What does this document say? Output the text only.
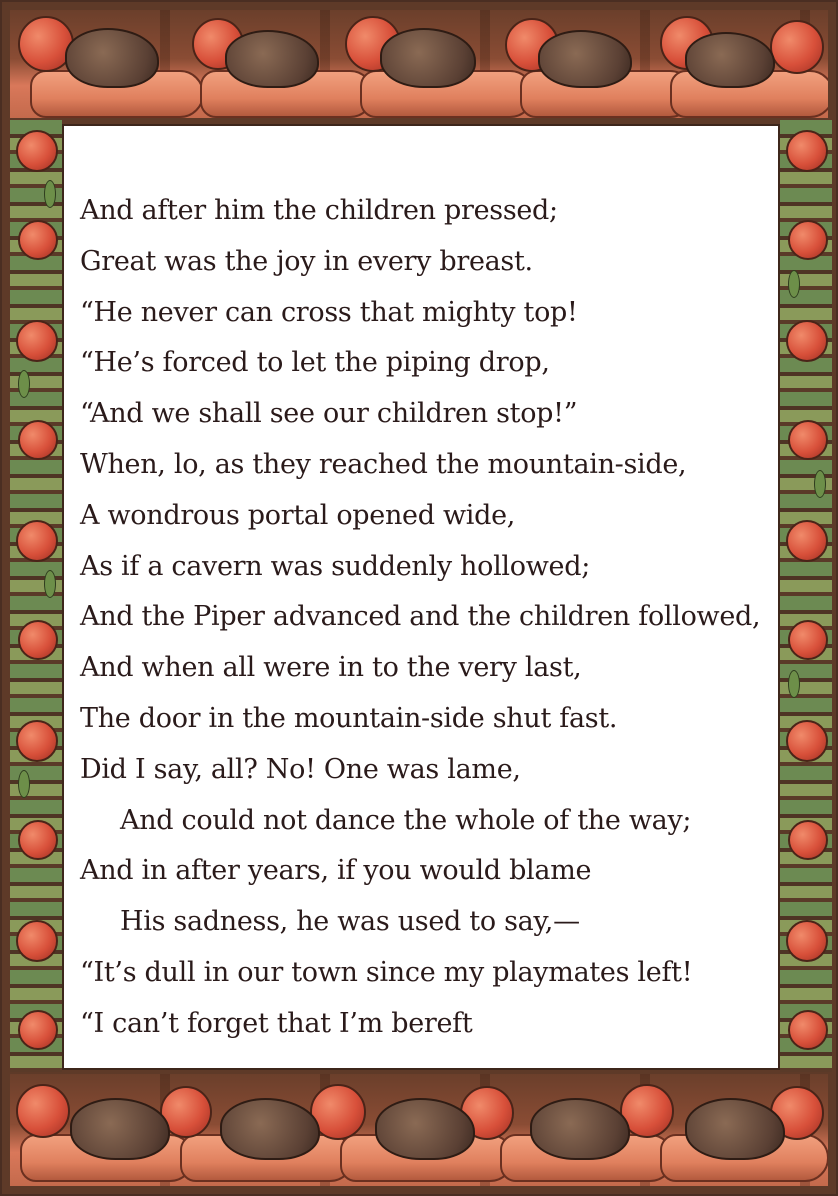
And after him the children pressed;
Great was the joy in every breast.
“He never can cross that mighty top!
“He’s forced to let the piping drop,
“And we shall see our children stop!”
When, lo, as they reached the mountain-side,
A wondrous portal opened wide,
As if a cavern was suddenly hollowed;
And the Piper advanced and the children followed,
And when all were in to the very last,
The door in the mountain-side shut fast.
Did I say, all? No! One was lame,
And could not dance the whole of the way;
And in after years, if you would blame
His sadness, he was used to say,—
“It’s dull in our town since my playmates left!
“I can’t forget that I’m bereft
